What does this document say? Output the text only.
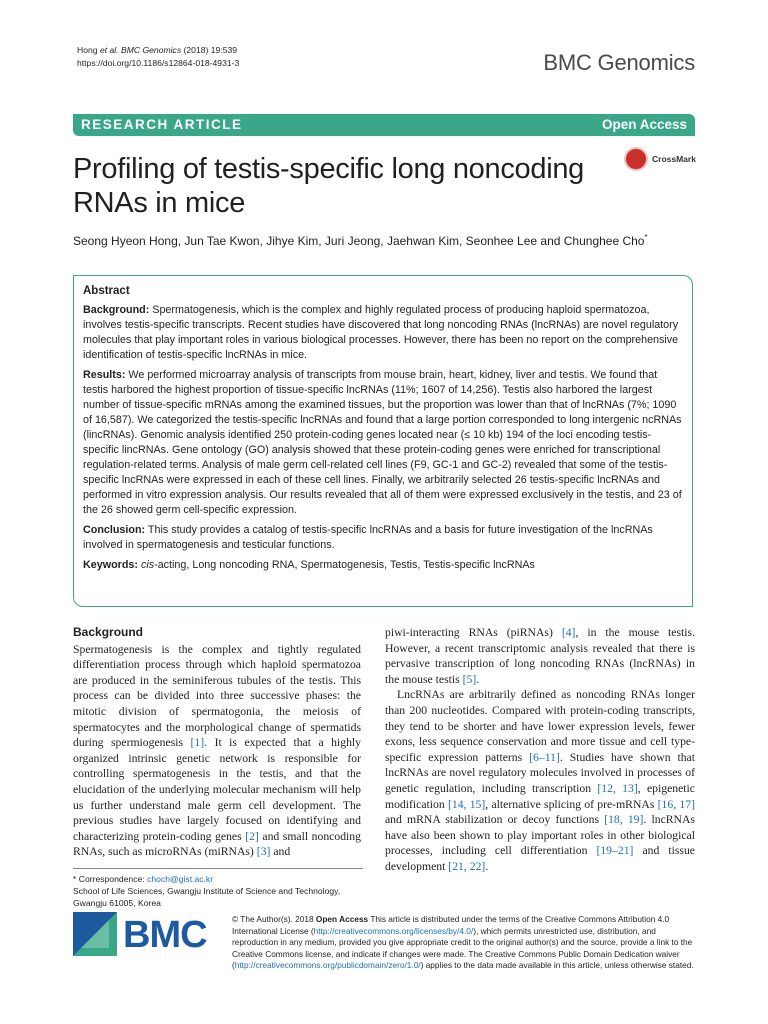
Hong et al. BMC Genomics (2018) 19:539
https://doi.org/10.1186/s12864-018-4931-3	BMC Genomics
RESEARCH ARTICLE	Open Access
Profiling of testis-specific long noncoding RNAs in mice
CrossMark
Seong Hyeon Hong, Jun Tae Kwon, Jihye Kim, Juri Jeong, Jaehwan Kim, Seonhee Lee and Chunghee Cho*
Abstract

Background: Spermatogenesis, which is the complex and highly regulated process of producing haploid spermatozoa, involves testis-specific transcripts. Recent studies have discovered that long noncoding RNAs (lncRNAs) are novel regulatory molecules that play important roles in various biological processes. However, there has been no report on the comprehensive identification of testis-specific lncRNAs in mice.

Results: We performed microarray analysis of transcripts from mouse brain, heart, kidney, liver and testis. We found that testis harbored the highest proportion of tissue-specific lncRNAs (11%; 1607 of 14,256). Testis also harbored the largest number of tissue-specific mRNAs among the examined tissues, but the proportion was lower than that of lncRNAs (7%; 1090 of 16,587). We categorized the testis-specific lncRNAs and found that a large portion corresponded to long intergenic ncRNAs (lincRNAs). Genomic analysis identified 250 protein-coding genes located near (≤ 10 kb) 194 of the loci encoding testis-specific lincRNAs. Gene ontology (GO) analysis showed that these protein-coding genes were enriched for transcriptional regulation-related terms. Analysis of male germ cell-related cell lines (F9, GC-1 and GC-2) revealed that some of the testis-specific lncRNAs were expressed in each of these cell lines. Finally, we arbitrarily selected 26 testis-specific lncRNAs and performed in vitro expression analysis. Our results revealed that all of them were expressed exclusively in the testis, and 23 of the 26 showed germ cell-specific expression.

Conclusion: This study provides a catalog of testis-specific lncRNAs and a basis for future investigation of the lncRNAs involved in spermatogenesis and testicular functions.

Keywords: cis-acting, Long noncoding RNA, Spermatogenesis, Testis, Testis-specific lncRNAs

Background

Spermatogenesis is the complex and tightly regulated differentiation process through which haploid spermatozoa are produced in the seminiferous tubules of the testis. This process can be divided into three successive phases: the mitotic division of spermatogonia, the meiosis of spermatocytes and the morphological change of spermatids during spermiogenesis [1]. It is expected that a highly organized intrinsic genetic network is responsible for controlling spermatogenesis in the testis, and that the elucidation of the underlying molecular mechanism will help us further understand male germ cell development. The previous studies have largely focused on identifying and characterizing protein-coding genes [2] and small noncoding RNAs, such as microRNAs (miRNAs) [3] and

piwi-interacting RNAs (piRNAs) [4], in the mouse testis. However, a recent transcriptomic analysis revealed that there is pervasive transcription of long noncoding RNAs (lncRNAs) in the mouse testis [5].

LncRNAs are arbitrarily defined as noncoding RNAs longer than 200 nucleotides. Compared with protein-coding transcripts, they tend to be shorter and have lower expression levels, fewer exons, less sequence conservation and more tissue and cell type-specific expression patterns [6–11]. Studies have shown that lncRNAs are novel regulatory molecules involved in processes of genetic regulation, including transcription [12, 13], epigenetic modification [14, 15], alternative splicing of pre-mRNAs [16, 17] and mRNA stabilization or decoy functions [18, 19]. lncRNAs have also been shown to play important roles in other biological processes, including cell differentiation [19–21] and tissue development [21, 22].

* Correspondence: choch@gist.ac.kr
School of Life Sciences, Gwangju Institute of Science and Technology,
Gwangju 61005, Korea
BMC	© The Author(s). 2018 Open Access This article is distributed under the terms of the Creative Commons Attribution 4.0 International License (http://creativecommons.org/licenses/by/4.0/), which permits unrestricted use, distribution, and reproduction in any medium, provided you give appropriate credit to the original author(s) and the source, provide a link to the Creative Commons license, and indicate if changes were made. The Creative Commons Public Domain Dedication waiver (http://creativecommons.org/publicdomain/zero/1.0/) applies to the data made available in this article, unless otherwise stated.
